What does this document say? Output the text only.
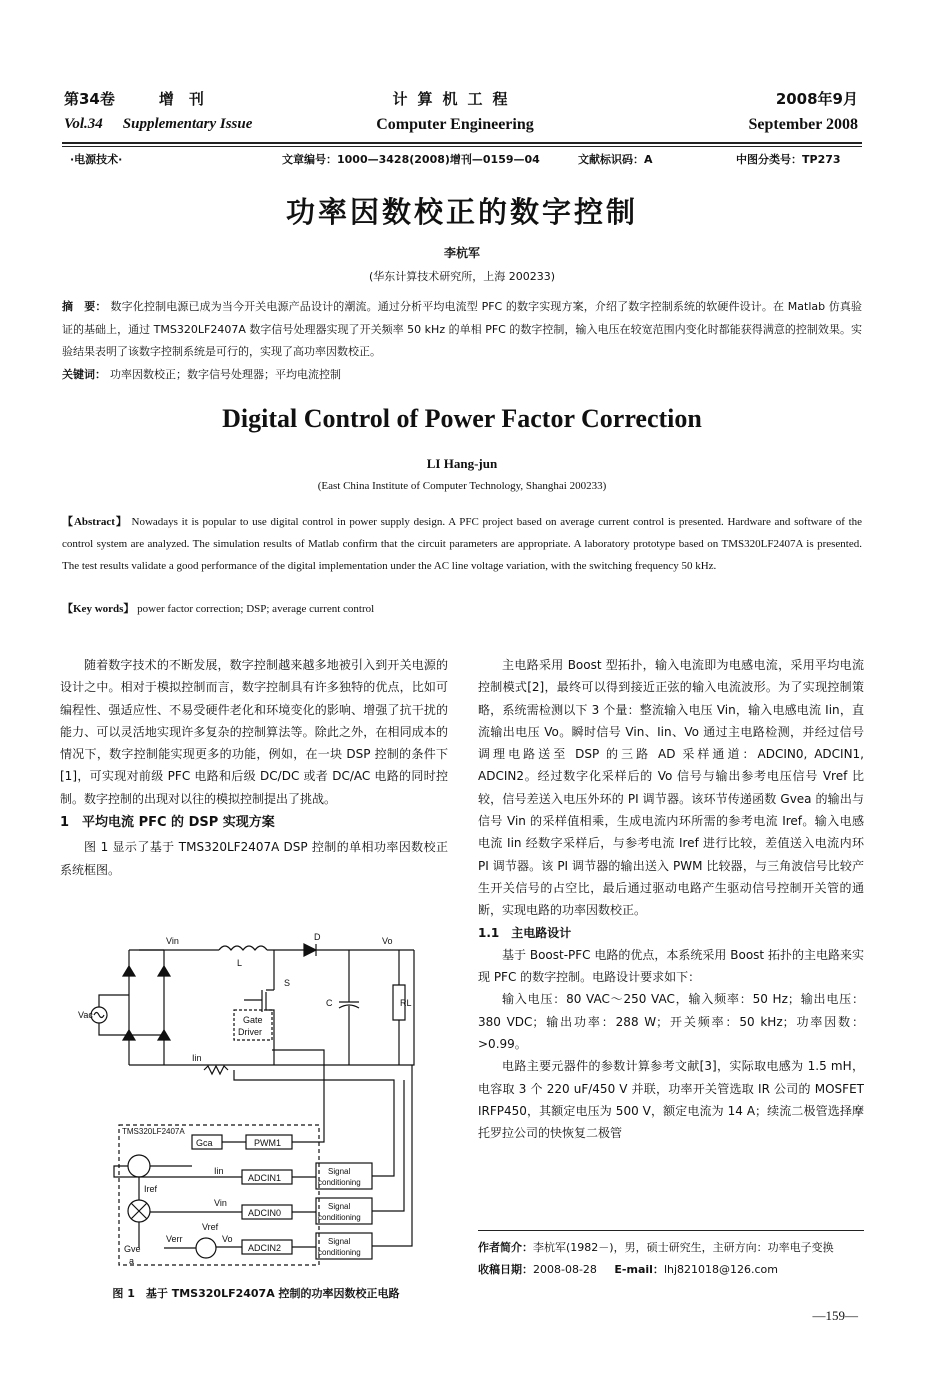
第34卷	增　刊
Vol.34 Supplementary Issue
计算机工程
Computer Engineering
2008年9月
September 2008
·电源技术·	文章编号：1000—3428(2008)增刊—0159—04	文献标识码：A	中图分类号：TP273
功率因数校正的数字控制
李杭军
(华东计算技术研究所，上海 200233)
摘　要： 数字化控制电源已成为当今开关电源产品设计的潮流。通过分析平均电流型 PFC 的数字实现方案，介绍了数字控制系统的软硬件设计。在 Matlab 仿真验证的基础上，通过 TMS320LF2407A 数字信号处理器实现了开关频率 50 kHz 的单相 PFC 的数字控制，输入电压在较宽范围内变化时都能获得满意的控制效果。实验结果表明了该数字控制系统是可行的，实现了高功率因数校正。
关键词： 功率因数校正；数字信号处理器；平均电流控制
Digital Control of Power Factor Correction
LI Hang-jun
(East China Institute of Computer Technology, Shanghai 200233)
【Abstract】 Nowadays it is popular to use digital control in power supply design. A PFC project based on average current control is presented. Hardware and software of the control system are analyzed. The simulation results of Matlab confirm that the circuit parameters are appropriate. A laboratory prototype based on TMS320LF2407A is presented. The test results validate a good performance of the digital implementation under the AC line voltage variation, with the switching frequency 50 kHz.
【Key words】 power factor correction; DSP; average current control

随着数字技术的不断发展，数字控制越来越多地被引入到开关电源的设计之中。相对于模拟控制而言，数字控制具有许多独特的优点，比如可编程性、强适应性、不易受硬件老化和环境变化的影响、增强了抗干扰的能力、可以灵活地实现许多复杂的控制算法等。除此之外，在相同成本的情况下，数字控制能实现更多的功能，例如，在一块 DSP 控制的条件下[1]，可实现对前级 PFC 电路和后级 DC/DC 或者 DC/AC 电路的同时控制。数字控制的出现对以往的模拟控制提出了挑战。

1　平均电流 PFC 的 DSP 实现方案

图 1 显示了基于 TMS320LF2407A DSP 控制的单相功率因数校正系统框图。

Vin
L
D	Vo
Vac
S
C	RL
Gate
Driver
Iin
TMS320LF2407A
Gca	PWM1
Iin
Iref
ADCIN1
Vin
ADCIN0
Vref
Gve
Verr	Vo
ADCIN2
a
Signal
conditioning
Signal
conditioning
Signal
conditioning
图 1　基于 TMS320LF2407A 控制的功率因数校正电路

主电路采用 Boost 型拓扑，输入电流即为电感电流，采用平均电流控制模式[2]，最终可以得到接近正弦的输入电流波形。为了实现控制策略，系统需检测以下 3 个量：整流输入电压 Vin，输入电感电流 Iin，直流输出电压 Vo。瞬时信号 Vin、Iin、Vo 通过主电路检测，并经过信号调理电路送至 DSP 的三路 AD 采样通道：ADCIN0, ADCIN1, ADCIN2。经过数字化采样后的 Vo 信号与输出参考电压信号 Vref 比较，信号差送入电压外环的 PI 调节器。该环节传递函数 Gvea 的输出与信号 Vin 的采样值相乘，生成电流内环所需的参考电流 Iref。输入电感电流 Iin 经数字采样后，与参考电流 Iref 进行比较，差值送入电流内环 PI 调节器。该 PI 调节器的输出送入 PWM 比较器，与三角波信号比较产生开关信号的占空比，最后通过驱动电路产生驱动信号控制开关管的通断，实现电路的功率因数校正。

1.1　主电路设计

基于 Boost-PFC 电路的优点，本系统采用 Boost 拓扑的主电路来实现 PFC 的数字控制。电路设计要求如下：

输入电压：80 VAC～250 VAC，输入频率：50 Hz；输出电压：380 VDC；输出功率：288 W；开关频率：50 kHz；功率因数：>0.99。

电路主要元器件的参数计算参考文献[3]，实际取电感为 1.5 mH，电容取 3 个 220 uF/450 V 并联，功率开关管选取 IR 公司的 MOSFET IRFP450，其额定电压为 500 V，额定电流为 14 A；续流二极管选择摩托罗拉公司的快恢复二极管

作者简介：李杭军(1982－)，男，硕士研究生，主研方向：功率电子变换
收稿日期：2008-08-28 E-mail：lhj821018@126.com
—159—
